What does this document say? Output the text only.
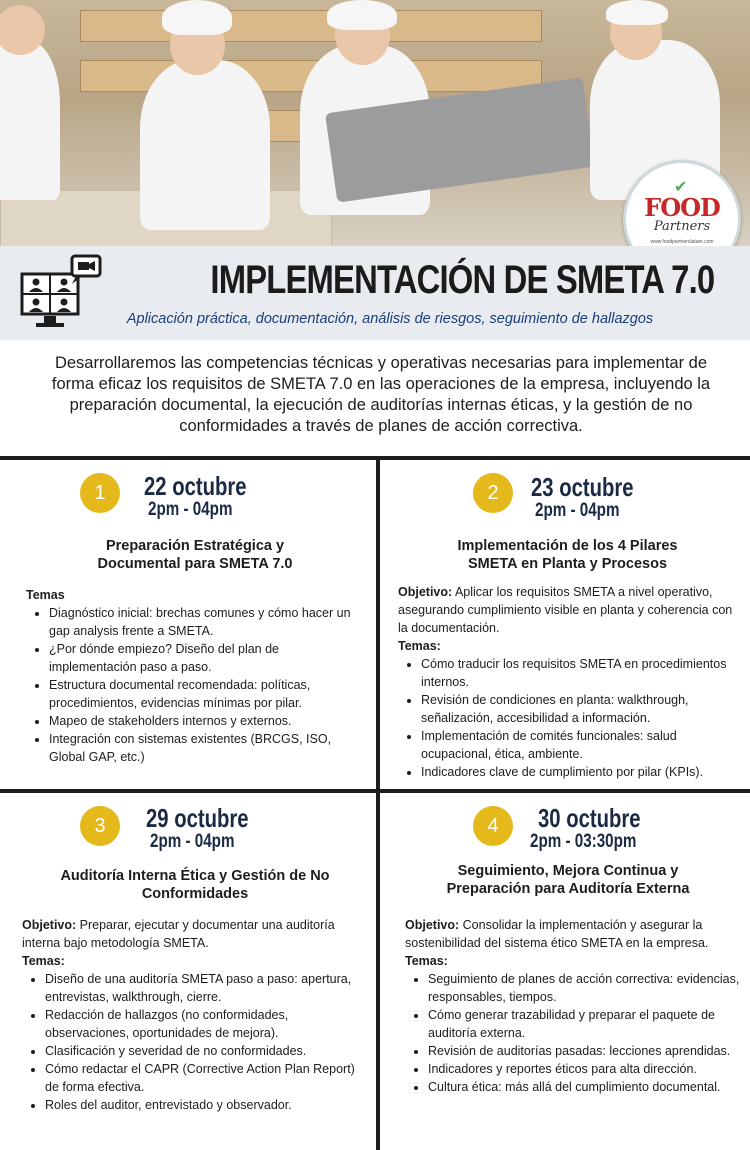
✔
FOOD
Partners
www.foodpartnerslatam.com
IMPLEMENTACIÓN DE SMETA 7.0
Aplicación práctica, documentación, análisis de riesgos, seguimiento de hallazgos
Desarrollaremos las competencias técnicas y operativas necesarias para implementar de forma eficaz los requisitos de SMETA 7.0 en las operaciones de la empresa, incluyendo la preparación documental, la ejecución de auditorías internas éticas, y la gestión de no conformidades a través de planes de acción correctiva.
1	22 octubre
2pm - 04pm
Preparación Estratégica y
Documental para SMETA 7.0
Temas
• Diagnóstico inicial: brechas comunes y cómo hacer un gap analysis frente a SMETA.
• ¿Por dónde empiezo? Diseño del plan de implementación paso a paso.
• Estructura documental recomendada: políticas, procedimientos, evidencias mínimas por pilar.
• Mapeo de stakeholders internos y externos.
• Integración con sistemas existentes (BRCGS, ISO, Global GAP, etc.)
2	23 octubre
2pm - 04pm
Implementación de los 4 Pilares
SMETA en Planta y Procesos
Objetivo: Aplicar los requisitos SMETA a nivel operativo, asegurando cumplimiento visible en planta y coherencia con la documentación.
Temas:
• Cómo traducir los requisitos SMETA en procedimientos internos.
• Revisión de condiciones en planta: walkthrough, señalización, accesibilidad a información.
• Implementación de comités funcionales: salud ocupacional, ética, ambiente.
• Indicadores clave de cumplimiento por pilar (KPIs).
3	29 octubre
2pm - 04pm
Auditoría Interna Ética y Gestión de No
Conformidades
Objetivo: Preparar, ejecutar y documentar una auditoría interna bajo metodología SMETA.
Temas:
• Diseño de una auditoría SMETA paso a paso: apertura, entrevistas, walkthrough, cierre.
• Redacción de hallazgos (no conformidades, observaciones, oportunidades de mejora).
• Clasificación y severidad de no conformidades.
• Cómo redactar el CAPR (Corrective Action Plan Report) de forma efectiva.
• Roles del auditor, entrevistado y observador.
4	30 octubre
2pm - 03:30pm
Seguimiento, Mejora Continua y
Preparación para Auditoría Externa
Objetivo: Consolidar la implementación y asegurar la sostenibilidad del sistema ético SMETA en la empresa.
Temas:
• Seguimiento de planes de acción correctiva: evidencias, responsables, tiempos.
• Cómo generar trazabilidad y preparar el paquete de auditoría externa.
• Revisión de auditorías pasadas: lecciones aprendidas.
• Indicadores y reportes éticos para alta dirección.
• Cultura ética: más allá del cumplimiento documental.
